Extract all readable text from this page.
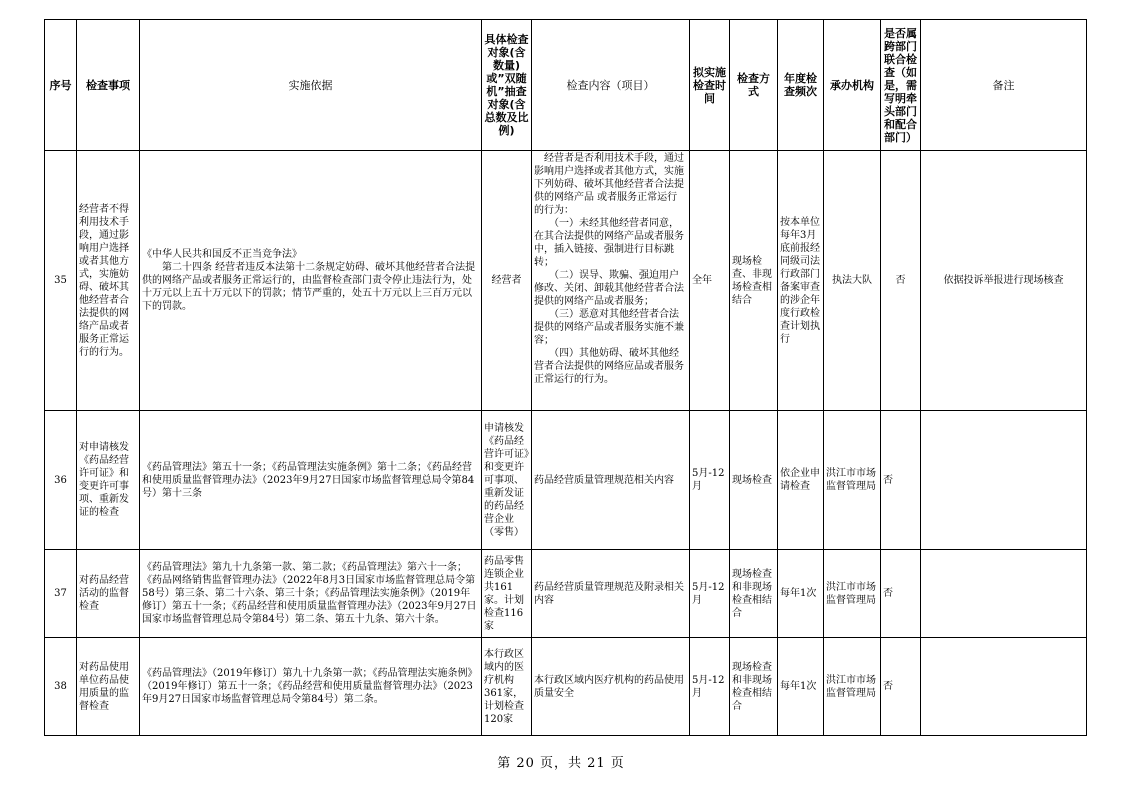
序号	检查事项	实施依据	具体检查对象(含数量)或”双随机”抽查对象(含总数及比例)	检查内容（项目）	拟实施检查时间	检查方式	年度检查频次	承办机构	是否属跨部门联合检查（如是，需写明牵头部门和配合部门）	备注
35	经营者不得利用技术手段，通过影响用户选择或者其他方式，实施妨碍、破坏其他经营者合法提供的网络产品或者服务正常运行的行为。	《中华人民共和国反不正当竞争法》
　　第二十四条 经营者违反本法第十二条规定妨碍、破坏其他经营者合法提供的网络产品或者服务正常运行的，由监督检查部门责令停止违法行为，处十万元以上五十万元以下的罚款；情节严重的，处五十万元以上三百万元以下的罚款。	经营者	　经营者是否利用技术手段，通过影响用户选择或者其他方式，实施下列妨碍、破坏其他经营者合法提供的网络产品 或者服务正常运行的行为：
　　（一）未经其他经营者同意，在其合法提供的网络产品或者服务中，插入链接、强制进行目标跳转；
　　（二）误导、欺骗、强迫用户修改、关闭、卸载其他经营者合法提供的网络产品或者服务；
　　（三）恶意对其他经营者合法提供的网络产品或者服务实施不兼容；
　　（四）其他妨碍、破坏其他经营者合法提供的网络应品或者服务正常运行的行为。	全年	现场检查、非现场检查相结合	按本单位每年3月底前报经同级司法行政部门备案审查的涉企年度行政检查计划执行	执法大队	否	依据投诉举报进行现场核查
36	对申请核发《药品经营许可证》和变更许可事项、重新发证的检查	《药品管理法》第五十一条；《药品管理法实施条例》第十二条；《药品经营和使用质量监督管理办法》（2023年9月27日国家市场监督管理总局令第84号）第十三条	申请核发《药品经营许可证》和变更许可事项、重新发证的药品经营企业（零售）	药品经营质量管理规范相关内容	5月-12月	现场检查	依企业申请检查	洪江市市场监督管理局	否	
37	对药品经营活动的监督检查	《药品管理法》第九十九条第一款、第二款；《药品管理法》第六十一条；《药品网络销售监督管理办法》（2022年8月3日国家市场监督管理总局令第58号）第三条、第二十六条、第三十条；《药品管理法实施条例》（2019年修订）第五十一条；《药品经营和使用质量监督管理办法》（2023年9月27日国家市场监督管理总局令第84号）第二条、第五十九条、第六十条。	药品零售连锁企业共161家。计划检查116家	药品经营质量管理规范及附录相关内容	5月-12月	现场检查和非现场检查相结合	每年1次	洪江市市场监督管理局	否	
38	对药品使用单位药品使用质量的监督检查	《药品管理法》（2019年修订）第九十九条第一款；《药品管理法实施条例》（2019年修订）第五十一条；《药品经营和使用质量监督管理办法》（2023年9月27日国家市场监督管理总局令第84号）第二条。	本行政区域内的医疗机构361家，计划检查120家	本行政区域内医疗机构的药品使用质量安全	5月-12月	现场检查和非现场检查相结合	每年1次	洪江市市场监督管理局	否	
第 20 页，共 21 页
